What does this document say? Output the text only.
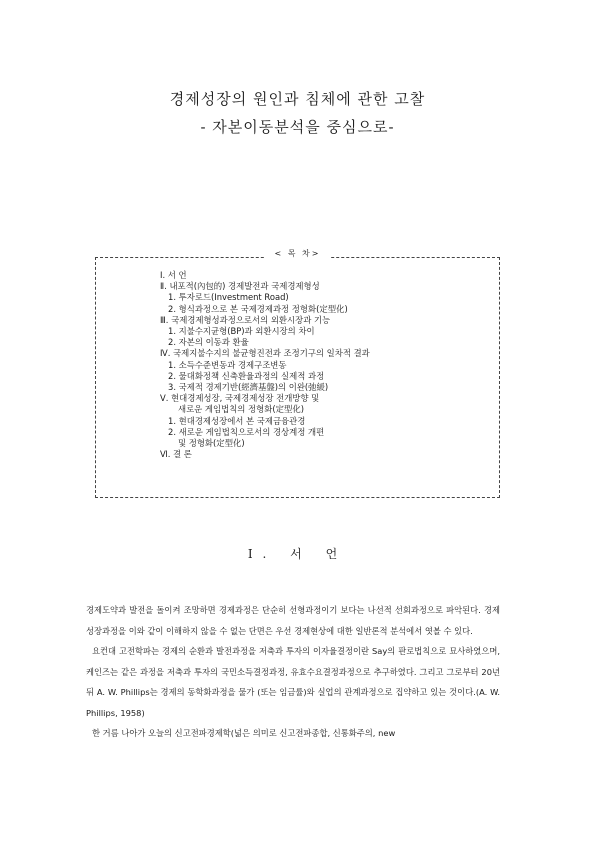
경제성장의 원인과 침체에 관한 고찰
- 자본이동분석을 중심으로-
< 목 차>
Ⅰ. 서 언
Ⅱ. 내포적(內包的) 경제발전과 국제경제형성
1. 투자로드(Investment Road)
2. 형식과정으로 본 국제경제과정 정형화(定型化)
Ⅲ. 국제경제형성과정으로서의 외환시장과 기능
1. 지불수지균형(BP)과 외환시장의 차이
2. 자본의 이동과 환율
Ⅳ. 국제지불수지의 불균형진전과 조정기구의 일차적 결과
1. 소득수준변동과 경제구조변동
2. 물대화정책 신축환율과정의 실제적 과정
3. 국제적 경제기반(經濟基盤)의 이완(弛緩)
Ⅴ. 현대경제성장, 국제경제성장 전개방향 및
새로운 게임법칙의 정형화(定型化)
1. 현대경제성장에서 본 국제금융관경
2. 새로운 게임법칙으로서의 경상계정 개편
및 정형화(定型化)
Ⅵ. 결 론
Ⅰ. 서 언

경제도약과 발전을 돌이켜 조망하면 경제과정은 단순히 선형과정이기 보다는 나선적 선회과정으로 파악된다. 경제성장과정을 이와 같이 이해하지 않을 수 없는 단면은 우선 경제현상에 대한 일반론적 분석에서 엿볼 수 있다.

요컨대 고전학파는 경제의 순환과 발전과정을 저축과 투자의 이자율결정이란 Say의 판로법칙으로 묘사하였으며, 케인즈는 같은 과정을 저축과 투자의 국민소득결정과정, 유효수요결정과정으로 추구하였다. 그리고 그로부터 20년 뒤 A. W. Phillips는 경제의 동학화과정을 물가 (또는 임금률)와 실업의 관계과정으로 집약하고 있는 것이다.(A. W. Phillips, 1958)

한 거름 나아가 오늘의 신고전파경제학(넓은 의미로 신고전파종합, 신통화주의, new
